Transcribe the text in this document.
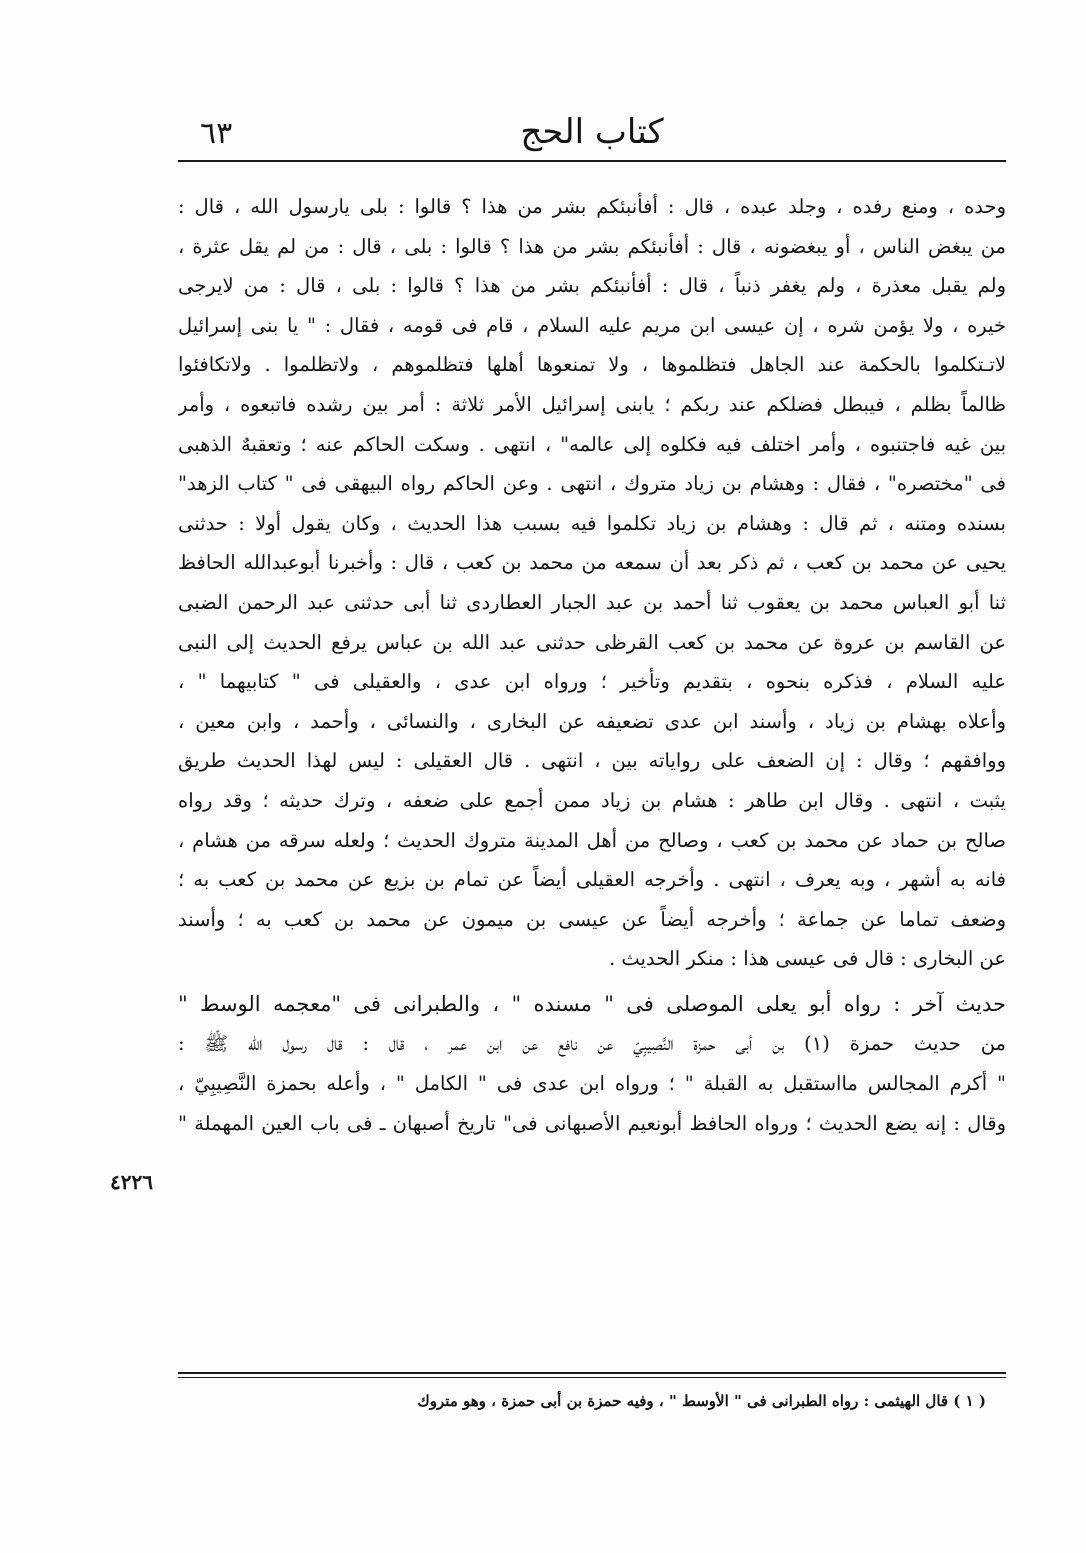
كتاب الحج
٦٣
وحده ، ومنع رفده ، وجلد عبده ، قال : أفأنبئكم بشر من هذا ؟ قالوا : بلى يارسول الله ، قال :
من يبغض الناس ، أو يبغضونه ، قال : أفأنبئكم بشر من هذا ؟ قالوا : بلى ، قال : من لم يقل عثرة ،
ولم يقبل معذرة ، ولم يغفر ذنباً ، قال : أفأنبئكم بشر من هذا ؟ قالوا : بلى ، قال : من لايرجى
خيره ، ولا يؤمن شره ، إن عيسى ابن مريم عليه السلام ، قام فى قومه ، فقال : " يا بنى إسرائيل
لاتـتكلموا بالحكمة عند الجاهل فتظلموها ، ولا تمنعوها أهلها فتظلموهم ، ولاتظلموا . ولاتكافئوا
ظالماً بظلم ، فيبطل فضلكم عند ربكم ؛ يابنى إسرائيل الأمر ثلاثة : أمر بين رشده فاتبعوه ، وأمر
بين غيه فاجتنبوه ، وأمر اختلف فيه فكلوه إلى عالمه" ، انتهى . وسكت الحاكم عنه ؛ وتعقبهٌ الذهبى
فى "مختصره" ، فقال : وهشام بن زياد متروك ، انتهى . وعن الحاكم رواه البيهقى فى " كتاب الزهد"
بسنده ومتنه ، ثم قال : وهشام بن زياد تكلموا فيه بسبب هذا الحديث ، وكان يقول أولا : حدثنى
يحيى عن محمد بن كعب ، ثم ذكر بعد أن سمعه من محمد بن كعب ، قال : وأخبرنا أبوعبدالله الحافظ
ثنا أبو العباس محمد بن يعقوب ثنا أحمد بن عبد الجبار العطاردى ثنا أبى حدثنى عبد الرحمن الضبى
عن القاسم بن عروة عن محمد بن كعب القرظى حدثنى عبد الله بن عباس يرفع الحديث إلى النبى
عليه السلام ، فذكره بنحوه ، بتقديم وتأخير ؛ ورواه ابن عدى ، والعقيلى فى " كتابيهما " ،
وأعلاه بهشام بن زياد ، وأسند ابن عدى تضعيفه عن البخارى ، والنسائى ، وأحمد ، وابن معين ،
ووافقهم ؛ وقال : إن الضعف على رواياته بين ، انتهى . قال العقيلى : ليس لهذا الحديث طريق
يثبت ، انتهى . وقال ابن طاهر : هشام بن زياد ممن أجمع على ضعفه ، وترك حديثه ؛ وقد رواه
صالح بن حماد عن محمد بن كعب ، وصالح من أهل المدينة متروك الحديث ؛ ولعله سرقه من هشام ،
فانه به أشهر ، وبه يعرف ، انتهى . وأخرجه العقيلى أيضاً عن تمام بن بزيع عن محمد بن كعب به ؛
وضعف تماما عن جماعة ؛ وأخرجه أيضاً عن عيسى بن ميمون عن محمد بن كعب به ؛ وأسند
عن البخارى : قال فى عيسى هذا : منكر الحديث .
حديث آخر : رواه أبو يعلى الموصلى فى " مسنده " ، والطبرانى فى "معجمه الوسط "
من حديث حمزة (١) بن أبى حمزة النَّصِيبِيّ عن نافع عن ابن عمر ، قال : قال رسول الله ﷺ :
" أكرم المجالس مااستقبل به القبلة " ؛ ورواه ابن عدى فى " الكامل " ، وأعله بحمزة النَّصِيبِيّ ،
وقال : إنه يضع الحديث ؛ ورواه الحافظ أبونعيم الأصبهانى فى" تاريخ أصبهان ـ فى باب العين المهملة "
٤٢٢٦
( ١ ) قال الهيثمى : رواه الطبرانى فى " الأوسط " ، وفيه حمزة بن أبى حمزة ، وهو متروك
